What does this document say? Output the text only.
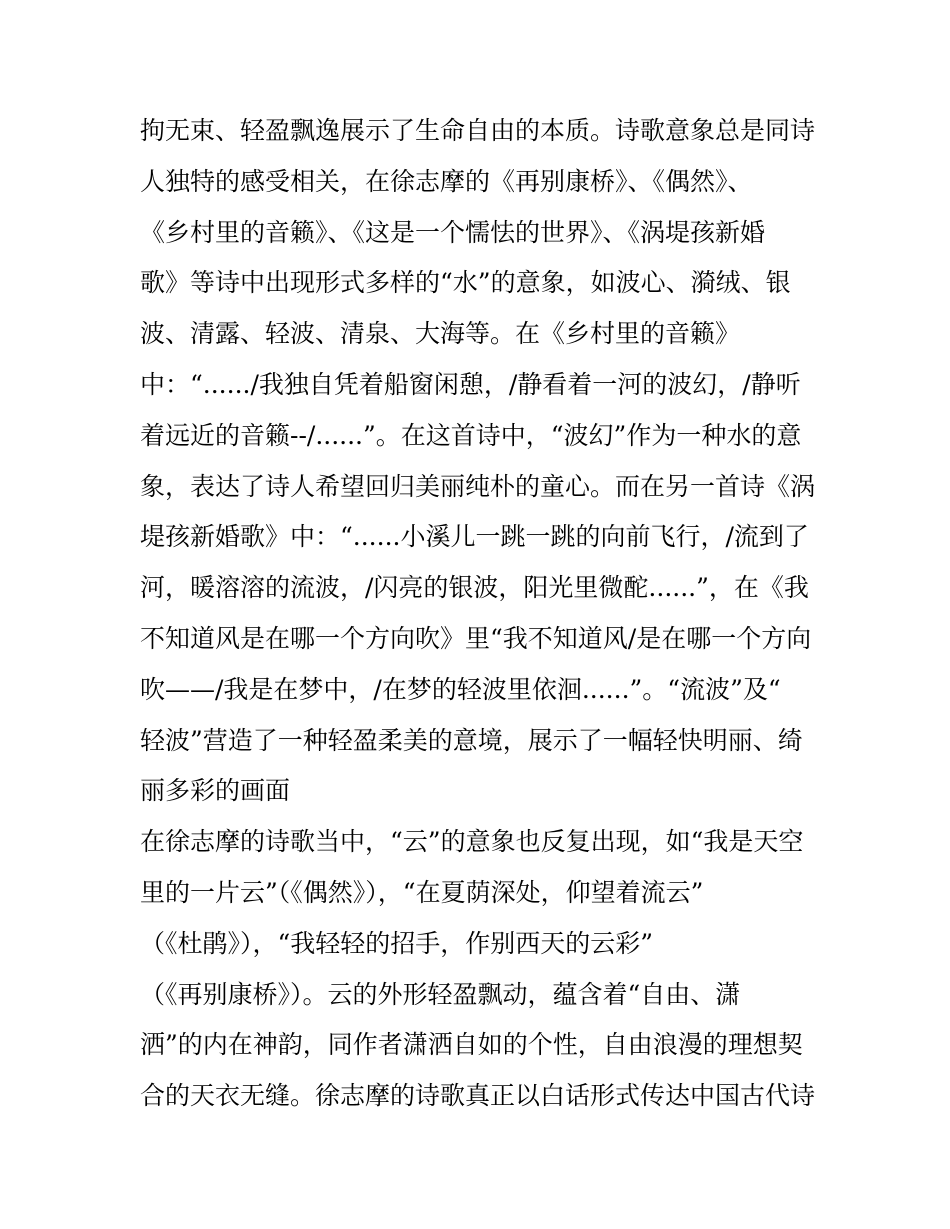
拘无束、轻盈飘逸展示了生命自由的本质。诗歌意象总是同诗
人独特的感受相关，在徐志摩的《再别康桥》、《偶然》、
《乡村里的音籁》、《这是一个懦怯的世界》、《涡堤孩新婚
歌》等诗中出现形式多样的“水”的意象，如波心、漪绒、银
波、清露、轻波、清泉、大海等。在《乡村里的音籁》
中：“....../我独自凭着船窗闲憩，/静看着一河的波幻，/静听
着远近的音籁--/......”。在这首诗中，“波幻”作为一种水的意
象，表达了诗人希望回归美丽纯朴的童心。而在另一首诗《涡
堤孩新婚歌》中：“......小溪儿一跳一跳的向前飞行，/流到了
河，暖溶溶的流波，/闪亮的银波，阳光里微酡......”，在《我
不知道风是在哪一个方向吹》里“我不知道风/是在哪一个方向
吹——/我是在梦中，/在梦的轻波里依洄......”。“流波”及“
轻波”营造了一种轻盈柔美的意境，展示了一幅轻快明丽、绮
丽多彩的画面
在徐志摩的诗歌当中，“云”的意象也反复出现，如“我是天空
里的一片云”（《偶然》），“在夏荫深处，仰望着流云”
（《杜鹃》），“我轻轻的招手，作别西天的云彩”
（《再别康桥》）。云的外形轻盈飘动，蕴含着“自由、潇
洒”的内在神韵，同作者潇洒自如的个性，自由浪漫的理想契
合的天衣无缝。徐志摩的诗歌真正以白话形式传达中国古代诗
